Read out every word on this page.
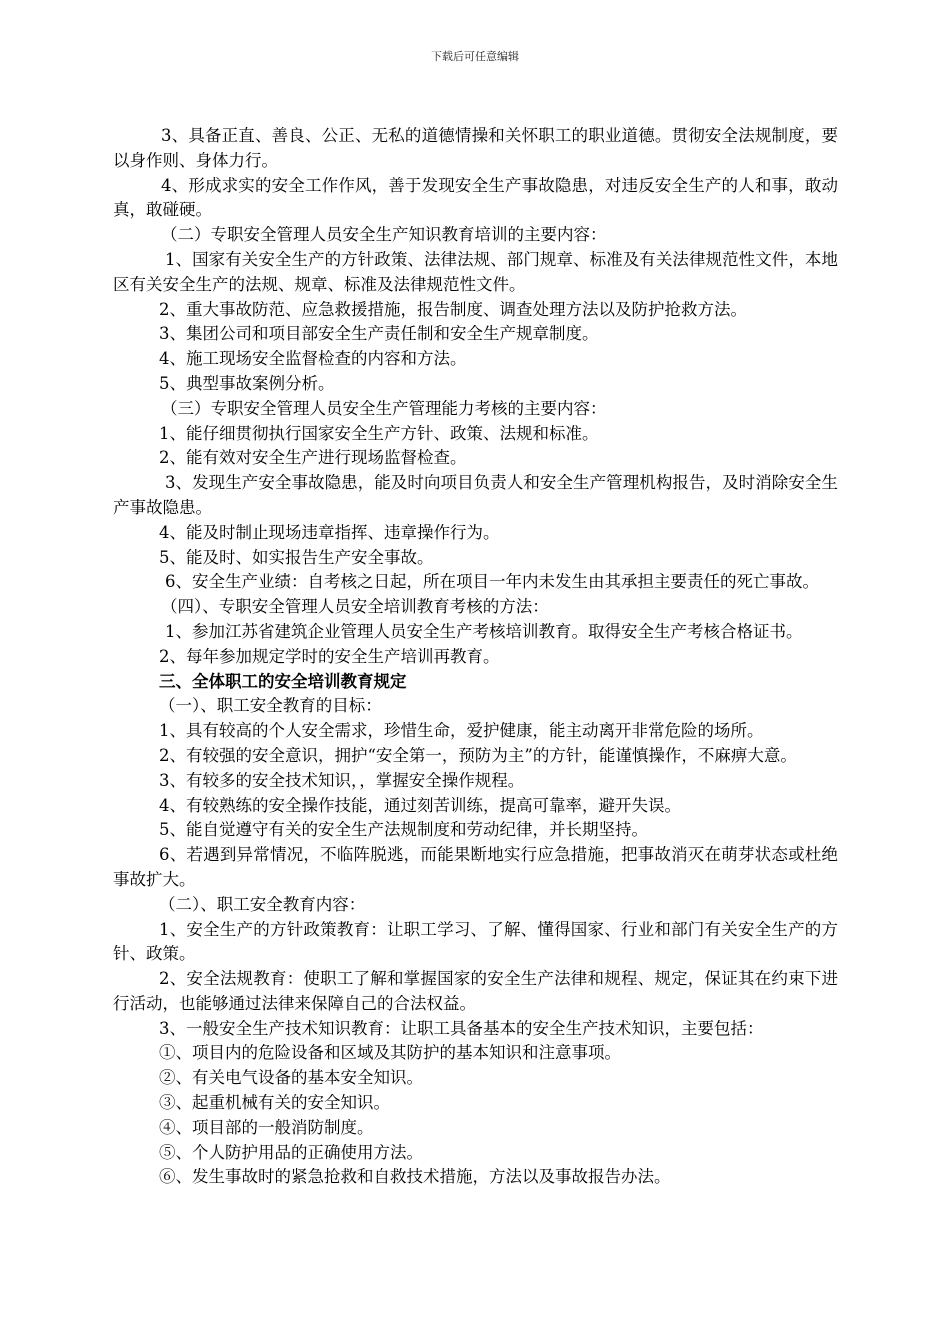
下载后可任意编辑

3、具备正直、善良、公正、无私的道德情操和关怀职工的职业道德。贯彻安全法规制度，要以身作则、身体力行。

4、形成求实的安全工作作风，善于发现安全生产事故隐患，对违反安全生产的人和事，敢动真，敢碰硬。

（二）专职安全管理人员安全生产知识教育培训的主要内容：

1、国家有关安全生产的方针政策、法律法规、部门规章、标准及有关法律规范性文件，本地区有关安全生产的法规、规章、标准及法律规范性文件。

2、重大事故防范、应急救援措施，报告制度、调查处理方法以及防护抢救方法。

3、集团公司和项目部安全生产责任制和安全生产规章制度。

4、施工现场安全监督检查的内容和方法。

5、典型事故案例分析。

（三）专职安全管理人员安全生产管理能力考核的主要内容：

1、能仔细贯彻执行国家安全生产方针、政策、法规和标准。

2、能有效对安全生产进行现场监督检查。

3、发现生产安全事故隐患，能及时向项目负责人和安全生产管理机构报告，及时消除安全生产事故隐患。

4、能及时制止现场违章指挥、违章操作行为。

5、能及时、如实报告生产安全事故。

6、安全生产业绩：自考核之日起，所在项目一年内未发生由其承担主要责任的死亡事故。

（四）、专职安全管理人员安全培训教育考核的方法：

1、参加江苏省建筑企业管理人员安全生产考核培训教育。取得安全生产考核合格证书。

2、每年参加规定学时的安全生产培训再教育。

三、全体职工的安全培训教育规定

（一）、职工安全教育的目标：

1、具有较高的个人安全需求，珍惜生命，爱护健康，能主动离开非常危险的场所。

2、有较强的安全意识，拥护“安全第一，预防为主”的方针，能谨慎操作，不麻痹大意。

3、有较多的安全技术知识，，掌握安全操作规程。

4、有较熟练的安全操作技能，通过刻苦训练，提高可靠率，避开失误。

5、能自觉遵守有关的安全生产法规制度和劳动纪律，并长期坚持。

6、若遇到异常情况，不临阵脱逃，而能果断地实行应急措施，把事故消灭在萌芽状态或杜绝事故扩大。

（二）、职工安全教育内容：

1、安全生产的方针政策教育：让职工学习、了解、懂得国家、行业和部门有关安全生产的方针、政策。

2、安全法规教育：使职工了解和掌握国家的安全生产法律和规程、规定，保证其在约束下进行活动，也能够通过法律来保障自己的合法权益。

3、一般安全生产技术知识教育：让职工具备基本的安全生产技术知识，主要包括：

①、项目内的危险设备和区域及其防护的基本知识和注意事项。

②、有关电气设备的基本安全知识。

③、起重机械有关的安全知识。

④、项目部的一般消防制度。

⑤、个人防护用品的正确使用方法。

⑥、发生事故时的紧急抢救和自救技术措施，方法以及事故报告办法。
